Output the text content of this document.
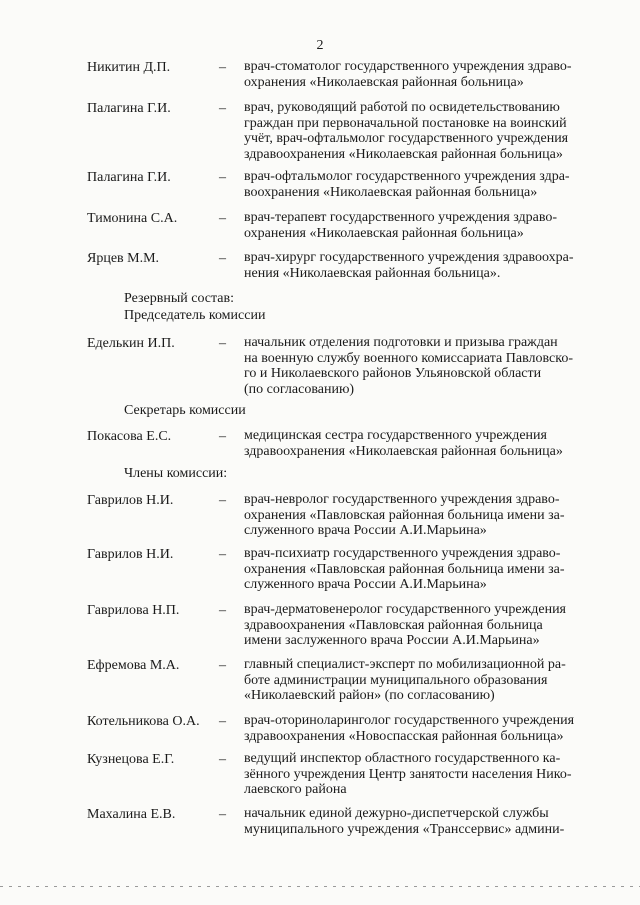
2
Никитин Д.П.	– врач-стоматолог государственного учреждения здраво-
охранения «Николаевская районная больница»
Палагина Г.И.	– врач, руководящий работой по освидетельствованию
граждан при первоначальной постановке на воинский
учёт, врач-офтальмолог государственного учреждения
здравоохранения «Николаевская районная больница»
Палагина Г.И.	– врач-офтальмолог государственного учреждения здра-
воохранения «Николаевская районная больница»
Тимонина С.А.	– врач-терапевт государственного учреждения здраво-
охранения «Николаевская районная больница»
Ярцев М.М.	– врач-хирург государственного учреждения здравоохра-
нения «Николаевская районная больница».
Резервный состав:
Председатель комиссии
Еделькин И.П.	– начальник отделения подготовки и призыва граждан
на военную службу военного комиссариата Павловско-
го и Николаевского районов Ульяновской области
(по согласованию)
Секретарь комиссии
Покасова Е.С.	– медицинская сестра государственного учреждения
здравоохранения «Николаевская районная больница»
Члены комиссии:
Гаврилов Н.И.	– врач-невролог государственного учреждения здраво-
охранения «Павловская районная больница имени за-
служенного врача России А.И.Марьина»
Гаврилов Н.И.	– врач-психиатр государственного учреждения здраво-
охранения «Павловская районная больница имени за-
служенного врача России А.И.Марьина»
Гаврилова Н.П.	– врач-дерматовенеролог государственного учреждения
здравоохранения «Павловская районная больница
имени заслуженного врача России А.И.Марьина»
Ефремова М.А.	– главный специалист-эксперт по мобилизационной ра-
боте администрации муниципального образования
«Николаевский район» (по согласованию)
Котельникова О.А. – врач-оториноларинголог государственного учреждения
здравоохранения «Новоспасская районная больница»
Кузнецова Е.Г.	– ведущий инспектор областного государственного ка-
зённого учреждения Центр занятости населения Нико-
лаевского района
Махалина Е.В.	– начальник единой дежурно-диспетчерской службы
муниципального учреждения «Транссервис» админи-
